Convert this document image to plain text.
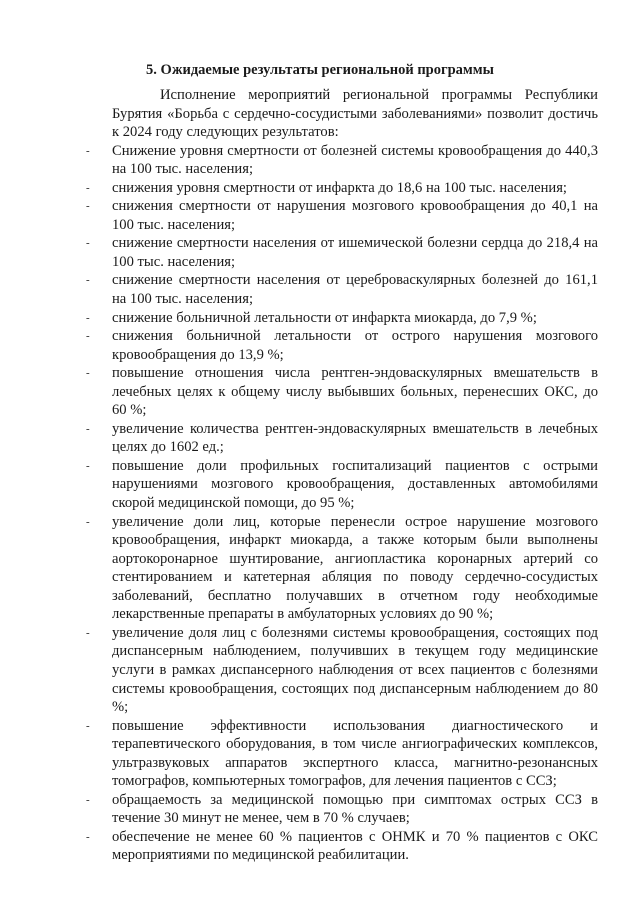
5. Ожидаемые результаты региональной программы

Исполнение мероприятий региональной программы Республики Бурятия «Борьба с сердечно-сосудистыми заболеваниями» позволит достичь к 2024 году следующих результатов:

- Снижение уровня смертности от болезней системы кровообращения до 440,3 на 100 тыс. населения;
- снижения уровня смертности от инфаркта до 18,6 на 100 тыс. населения;
- снижения смертности от нарушения мозгового кровообращения до 40,1 на 100 тыс. населения;
- снижение смертности населения от ишемической болезни сердца до 218,4 на 100 тыс. населения;
- снижение смертности населения от цереброваскулярных болезней до 161,1 на 100 тыс. населения;
- снижение больничной летальности от инфаркта миокарда, до 7,9 %;
- снижения больничной летальности от острого нарушения мозгового кровообращения до 13,9 %;
- повышение отношения числа рентген-эндоваскулярных вмешательств в лечебных целях к общему числу выбывших больных, перенесших ОКС, до 60 %;
- увеличение количества рентген-эндоваскулярных вмешательств в лечебных целях до 1602 ед.;
- повышение доли профильных госпитализаций пациентов с острыми нарушениями мозгового кровообращения, доставленных автомобилями скорой медицинской помощи, до 95 %;
- увеличение доли лиц, которые перенесли острое нарушение мозгового кровообращения, инфаркт миокарда, а также которым были выполнены аортокоронарное шунтирование, ангиопластика коронарных артерий со стентированием и катетерная абляция по поводу сердечно-сосудистых заболеваний, бесплатно получавших в отчетном году необходимые лекарственные препараты в амбулаторных условиях до 90 %;
- увеличение доля лиц с болезнями системы кровообращения, состоящих под диспансерным наблюдением, получивших в текущем году медицинские услуги в рамках диспансерного наблюдения от всех пациентов с болезнями системы кровообращения, состоящих под диспансерным наблюдением до 80 %;
- повышение эффективности использования диагностического и терапевтического оборудования, в том числе ангиографических комплексов, ультразвуковых аппаратов экспертного класса, магнитно-резонансных томографов, компьютерных томографов, для лечения пациентов с ССЗ;
- обращаемость за медицинской помощью при симптомах острых ССЗ в течение 30 минут не менее, чем в 70 % случаев;
- обеспечение не менее 60 % пациентов с ОНМК и 70 % пациентов с ОКС мероприятиями по медицинской реабилитации.
